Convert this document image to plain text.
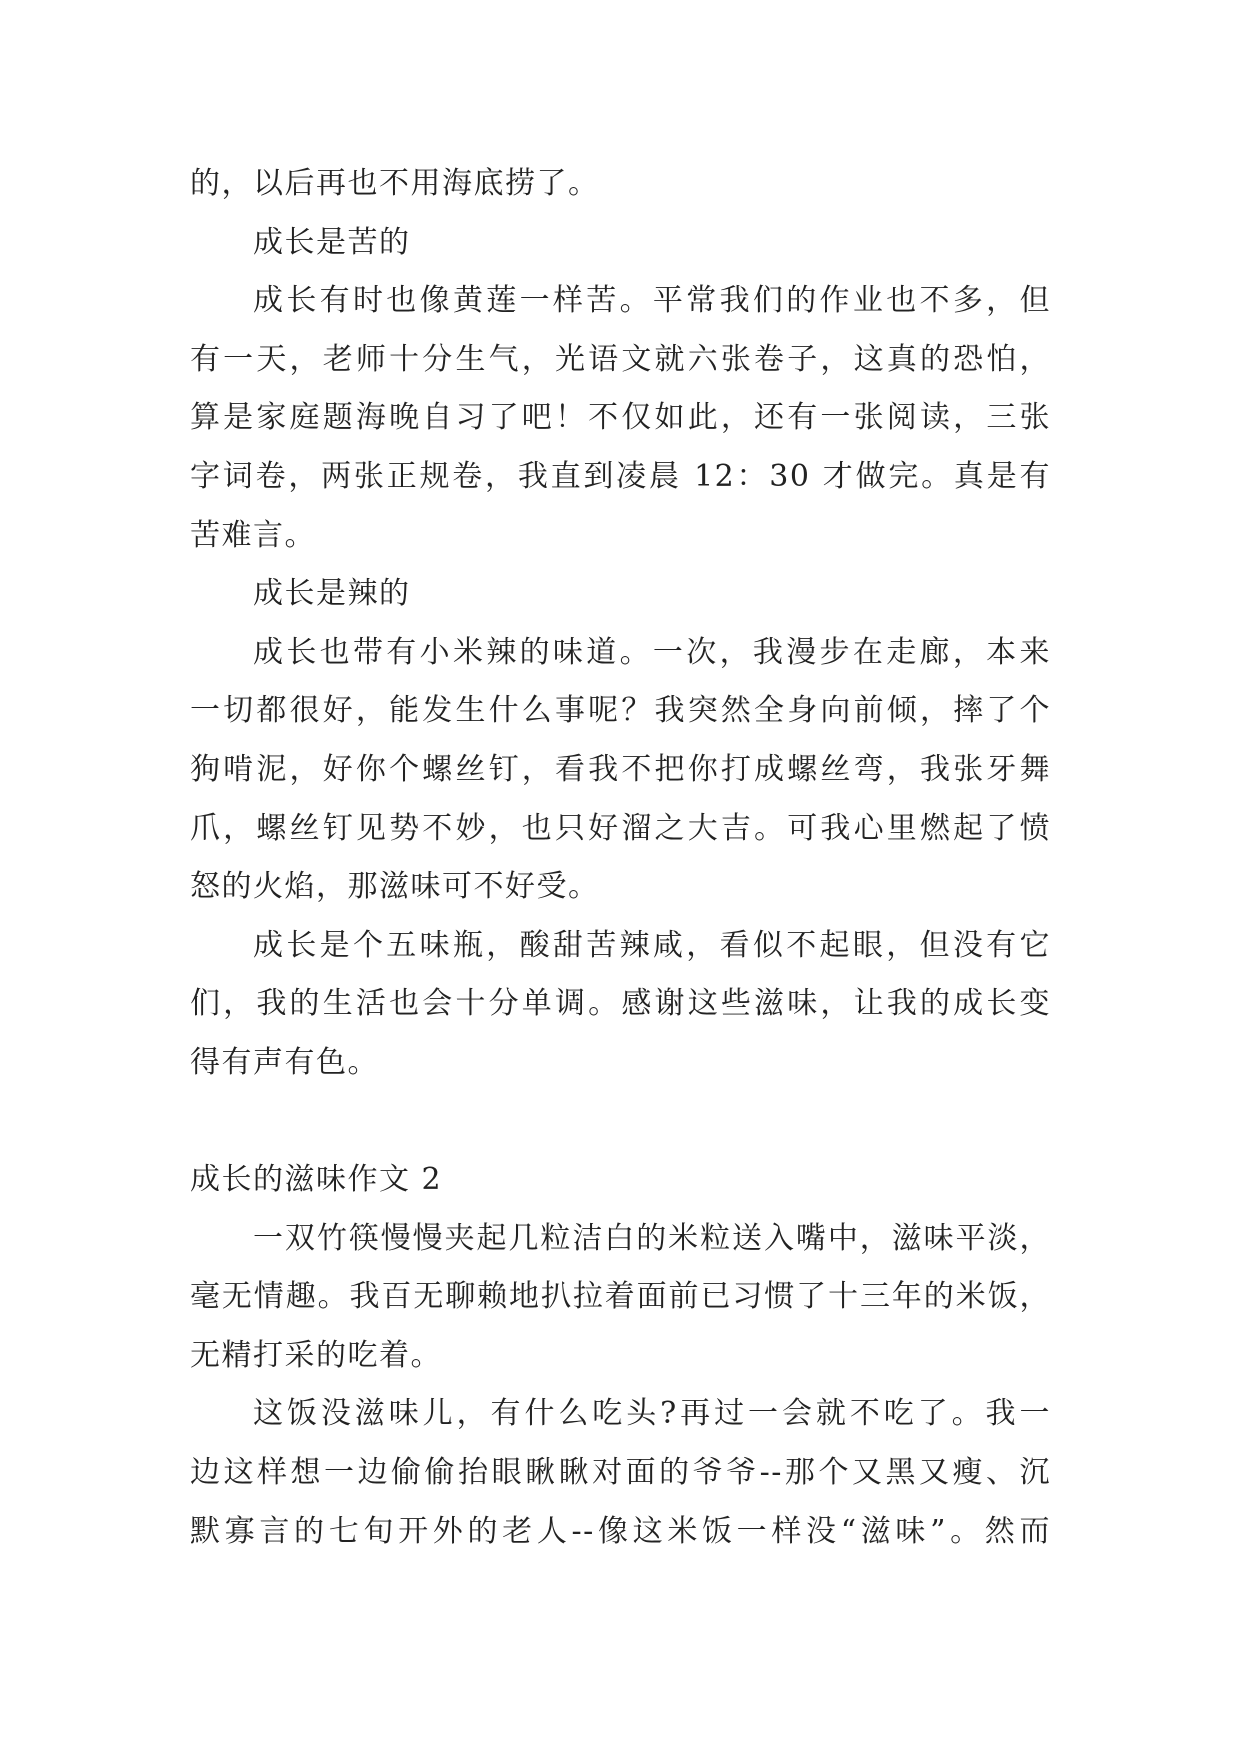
的，以后再也不用海底捞了。
成长是苦的
成长有时也像黄莲一样苦。平常我们的作业也不多，但
有一天，老师十分生气，光语文就六张卷子，这真的恐怕，
算是家庭题海晚自习了吧！不仅如此，还有一张阅读，三张
字词卷，两张正规卷，我直到凌晨 12：30 才做完。真是有
苦难言。
成长是辣的
成长也带有小米辣的味道。一次，我漫步在走廊，本来
一切都很好，能发生什么事呢？我突然全身向前倾，摔了个
狗啃泥，好你个螺丝钉，看我不把你打成螺丝弯，我张牙舞
爪，螺丝钉见势不妙，也只好溜之大吉。可我心里燃起了愤
怒的火焰，那滋味可不好受。
成长是个五味瓶，酸甜苦辣咸，看似不起眼，但没有它
们，我的生活也会十分单调。感谢这些滋味，让我的成长变
得有声有色。
成长的滋味作文 2
一双竹筷慢慢夹起几粒洁白的米粒送入嘴中，滋味平淡，
毫无情趣。我百无聊赖地扒拉着面前已习惯了十三年的米饭，
无精打采的吃着。
这饭没滋味儿，有什么吃头?再过一会就不吃了。我一
边这样想一边偷偷抬眼瞅瞅对面的爷爷--那个又黑又瘦、沉
默寡言的七旬开外的老人--像这米饭一样没“滋味”。然而
